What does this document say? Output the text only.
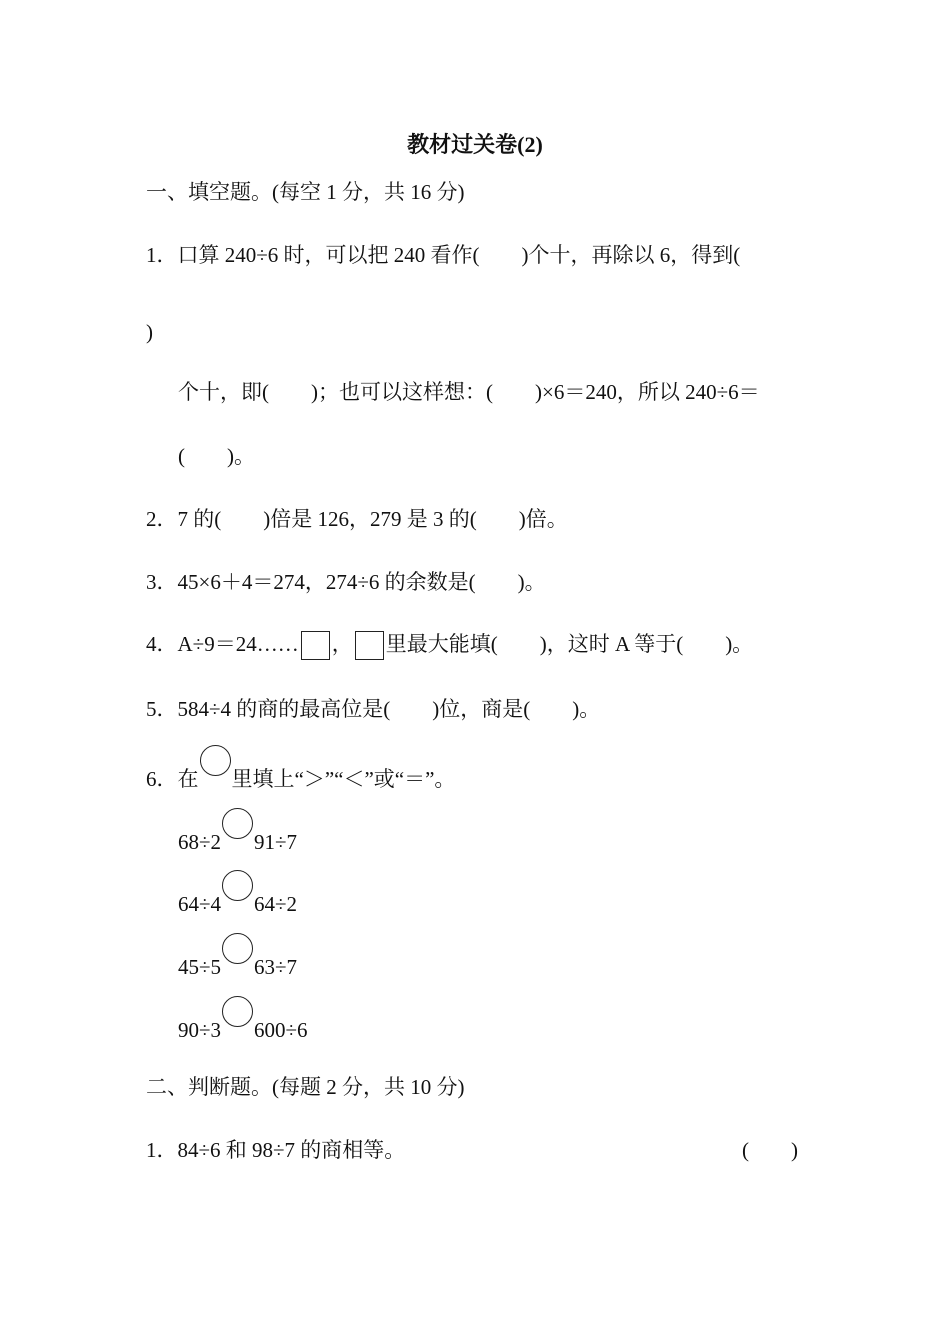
教材过关卷(2)
一、填空题。(每空 1 分，共 16 分)
1．口算 240÷6 时，可以把 240 看作(　　)个十，再除以 6，得到(
)
个十，即(　　)；也可以这样想：(　　)×6＝240，所以 240÷6＝
(　　)。
2．7 的(　　)倍是 126，279 是 3 的(　　)倍。
3．45×6＋4＝274，274÷6 的余数是(　　)。
4．A÷9＝24…… ， 里最大能填(　　)，这时 A 等于(　　)。
5．584÷4 的商的最高位是(　　)位，商是(　　)。
6．在 里填上“＞”“＜”或“＝”。
68÷2 91÷7
64÷4 64÷2
45÷5 63÷7
90÷3 600÷6
二、判断题。(每题 2 分，共 10 分)
1．84÷6 和 98÷7 的商相等。	(　　)
